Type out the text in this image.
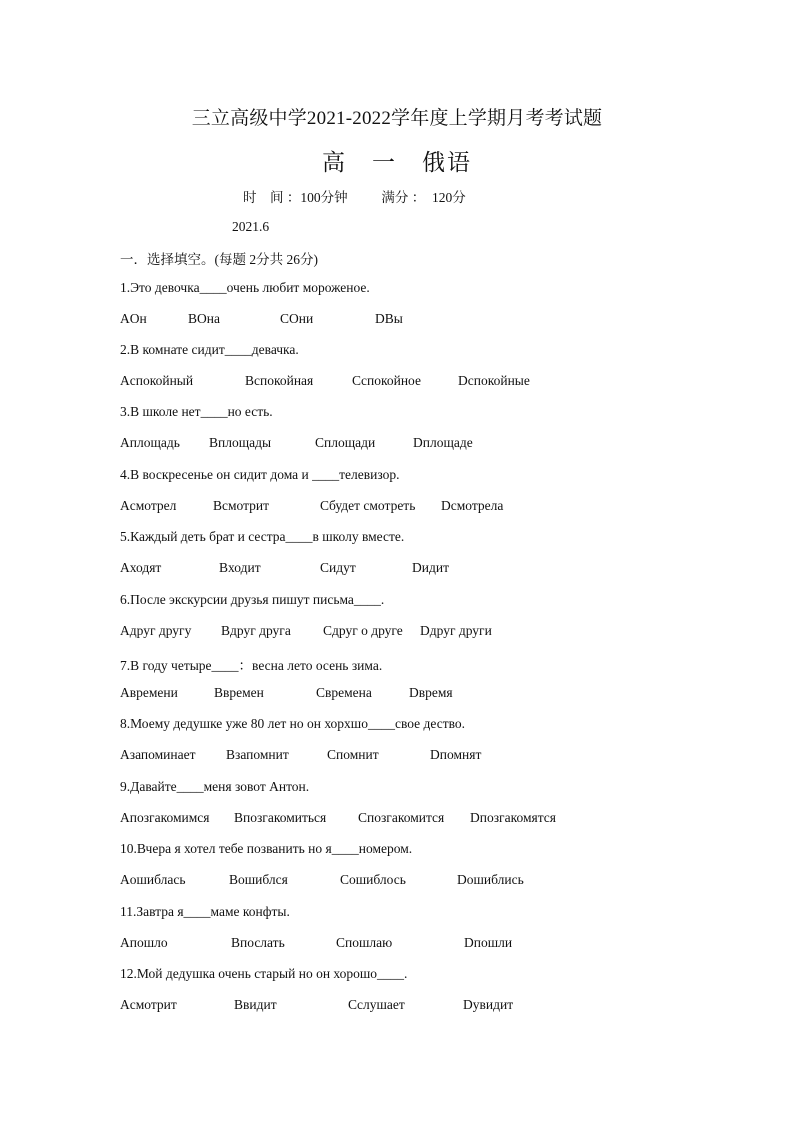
三立高级中学2021-2022学年度上学期月考考试题
高　一　俄语
时　间 ：100分钟          满分 ：  120分
2021.6
一．选择填空。(每题 2分共 26分)
1.Это девочка____очень любит мороженое.
AОн	BОна	CОни	DВы
2.В комнате сидит____девачка.
Aспокойный	Bспокойная	Cспокойное	Dспокойные
3.В школе нет____но есть.
Aплощадь Bплощады	Cплощади	Dплощаде
4.В воскресенье он сидит дома и ____телевизор.
Aсмотрел	Bсмотрит	Cбудет смотреть Dсмотрела
5.Каждый деть брат и сестра____в школу вместе.
Aходят	Bходит	Cидут	Dидит
6.После экскурсии друзья пишут письма____.
Aдруг другу Bдруг друга Cдруг о друге Dдруг други
7.В году четыре____：весна лето осень зима.
Aвремени	Bвремен	Cвремена	Dвремя
8.Моему дедушке уже 80 лет но он хорхшо____свое дество.
Aзапоминает Bзапомнит	Cпомнит	Dпомнят
9.Давайте____меня зовот Антон.
Aпозгакомимся Bпозгакомиться Cпозгакомится Dпозгакомятся
10.Вчера я хотел тебе позванить но я____номером.
Aошиблась	Bошиблся	Cошиблось	Dошиблись
11.Завтра я____маме конфты.
Aпошло	Bпослать	Cпошлаю	Dпошли
12.Мой дедушка очень старый но он хорошо____.
Aсмотрит	Bвидит	Cслушает	Dувидит
